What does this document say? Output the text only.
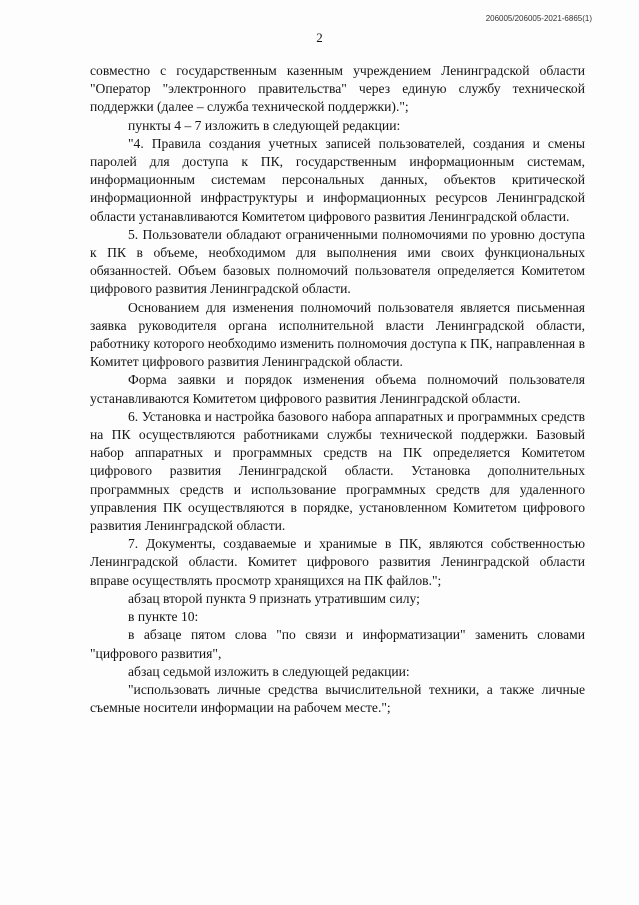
206005/206005-2021-6865(1)
2

совместно с государственным казенным учреждением Ленинградской области "Оператор "электронного правительства" через единую службу технической поддержки (далее – служба технической поддержки).";

пункты 4 – 7 изложить в следующей редакции:

"4. Правила создания учетных записей пользователей, создания и смены паролей для доступа к ПК, государственным информационным системам, информационным системам персональных данных, объектов критической информационной инфраструктуры и информационных ресурсов Ленинградской области устанавливаются Комитетом цифрового развития Ленинградской области.

5. Пользователи обладают ограниченными полномочиями по уровню доступа к ПК в объеме, необходимом для выполнения ими своих функциональных обязанностей. Объем базовых полномочий пользователя определяется Комитетом цифрового развития Ленинградской области.

Основанием для изменения полномочий пользователя является письменная заявка руководителя органа исполнительной власти Ленинградской области, работнику которого необходимо изменить полномочия доступа к ПК, направленная в Комитет цифрового развития Ленинградской области.

Форма заявки и порядок изменения объема полномочий пользователя устанавливаются Комитетом цифрового развития Ленинградской области.

6. Установка и настройка базового набора аппаратных и программных средств на ПК осуществляются работниками службы технической поддержки. Базовый набор аппаратных и программных средств на ПК определяется Комитетом цифрового развития Ленинградской области. Установка дополнительных программных средств и использование программных средств для удаленного управления ПК осуществляются в порядке, установленном Комитетом цифрового развития Ленинградской области.

7. Документы, создаваемые и хранимые в ПК, являются собственностью Ленинградской области. Комитет цифрового развития Ленинградской области вправе осуществлять просмотр хранящихся на ПК файлов.";

абзац второй пункта 9 признать утратившим силу;

в пункте 10:

в абзаце пятом слова "по связи и информатизации" заменить словами "цифрового развития",

абзац седьмой изложить в следующей редакции:

"использовать личные средства вычислительной техники, а также личные съемные носители информации на рабочем месте.";
